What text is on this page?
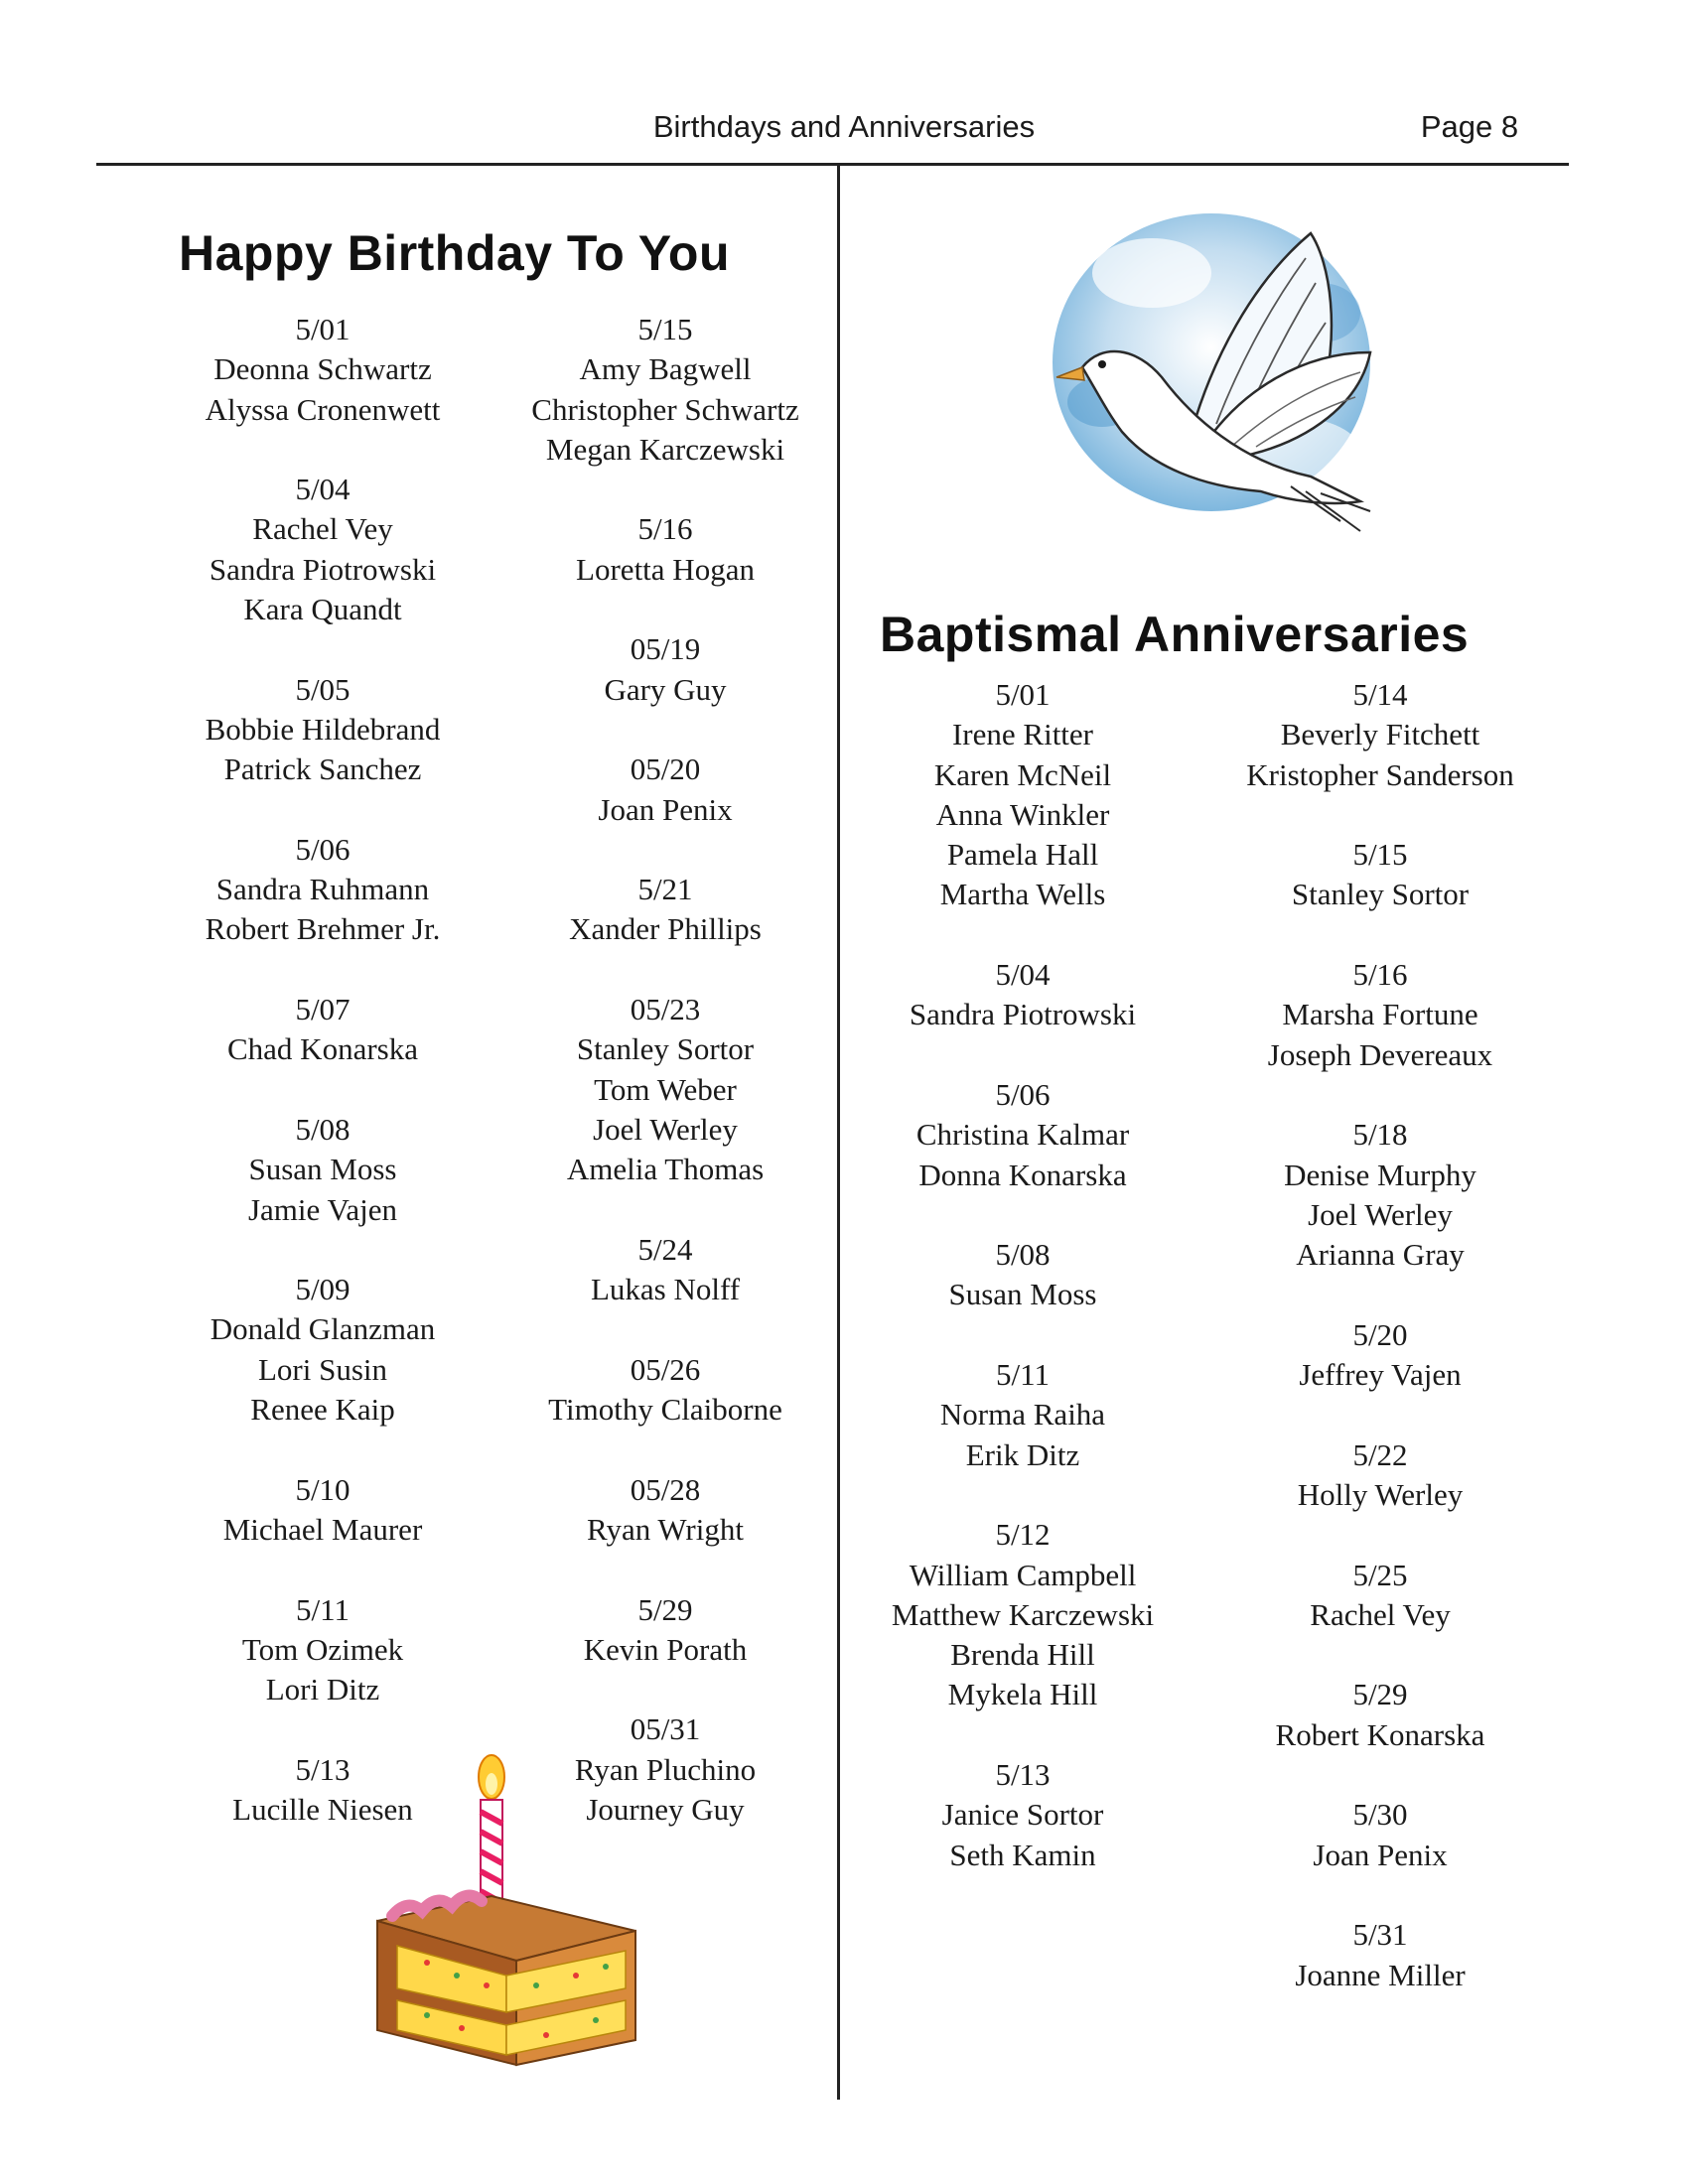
Birthdays and Anniversaries	Page 8
Happy Birthday To You
Baptismal Anniversaries
5/01
Deonna Schwartz
Alyssa Cronenwett
5/04
Rachel Vey
Sandra Piotrowski
Kara Quandt
5/05
Bobbie Hildebrand
Patrick Sanchez
5/06
Sandra Ruhmann
Robert Brehmer Jr.
5/07
Chad Konarska
5/08
Susan Moss
Jamie Vajen
5/09
Donald Glanzman
Lori Susin
Renee Kaip
5/10
Michael Maurer
5/11
Tom Ozimek
Lori Ditz
5/13
Lucille Niesen
5/15
Amy Bagwell
Christopher Schwartz
Megan Karczewski
5/16
Loretta Hogan
05/19
Gary Guy
05/20
Joan Penix
5/21
Xander Phillips
05/23
Stanley Sortor
Tom Weber
Joel Werley
Amelia Thomas
5/24
Lukas Nolff
05/26
Timothy Claiborne
05/28
Ryan Wright
5/29
Kevin Porath
05/31
Ryan Pluchino
Journey Guy
5/01
Irene Ritter
Karen McNeil
Anna Winkler
Pamela Hall
Martha Wells
5/04
Sandra Piotrowski
5/06
Christina Kalmar
Donna Konarska
5/08
Susan Moss
5/11
Norma Raiha
Erik Ditz
5/12
William Campbell
Matthew Karczewski
Brenda Hill
Mykela Hill
5/13
Janice Sortor
Seth Kamin
5/14
Beverly Fitchett
Kristopher Sanderson
5/15
Stanley Sortor
5/16
Marsha Fortune
Joseph Devereaux
5/18
Denise Murphy
Joel Werley
Arianna Gray
5/20
Jeffrey Vajen
5/22
Holly Werley
5/25
Rachel Vey
5/29
Robert Konarska
5/30
Joan Penix
5/31
Joanne Miller
